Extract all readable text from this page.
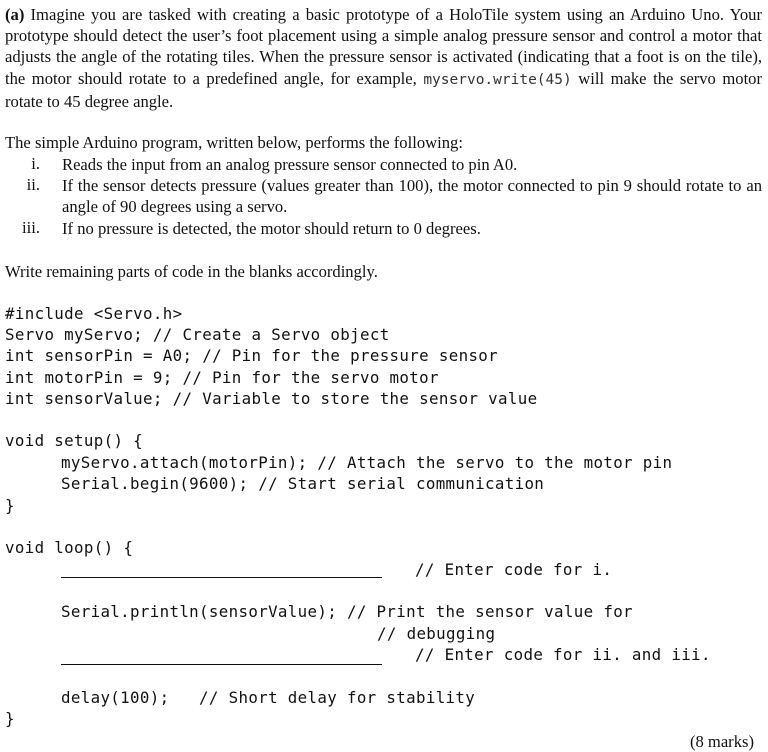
(a) Imagine you are tasked with creating a basic prototype of a HoloTile system using an Arduino Uno. Your prototype should detect the user’s foot placement using a simple analog pressure sensor and control a motor that adjusts the angle of the rotating tiles. When the pressure sensor is activated (indicating that a foot is on the tile), the motor should rotate to a predefined angle, for example, myservo.write(45) will make the servo motor rotate to 45 degree angle.
The simple Arduino program, written below, performs the following:
i. Reads the input from an analog pressure sensor connected to pin A0.
ii. If the sensor detects pressure (values greater than 100), the motor connected to pin 9 should rotate to an angle of 90 degrees using a servo.
iii. If no pressure is detected, the motor should return to 0 degrees.
Write remaining parts of code in the blanks accordingly.
#include <Servo.h>
Servo myServo; // Create a Servo object
int sensorPin = A0; // Pin for the pressure sensor
int motorPin = 9; // Pin for the servo motor
int sensorValue; // Variable to store the sensor value
void setup() {
myServo.attach(motorPin); // Attach the servo to the motor pin
Serial.begin(9600); // Start serial communication
}
void loop() {
// Enter code for i.
Serial.println(sensorValue); // Print the sensor value for
// debugging
// Enter code for ii. and iii.
delay(100);   // Short delay for stability
}
(8 marks)
